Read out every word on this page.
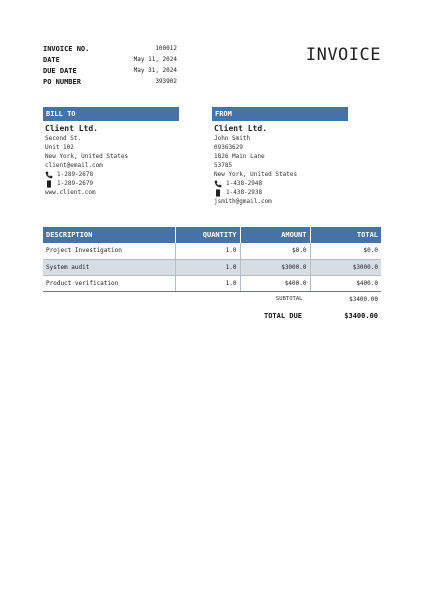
INVOICE NO.	100012
DATE	May 11, 2024
DUE DATE	May 31, 2024
PO NUMBER	393902
INVOICE
BILL TO
Client Ltd.
Second St.
Unit 102
New York, United States
client@email.com
1-289-2678
1-289-2679
www.client.com
FROM
Client Ltd.
John Smith
09363629
1826 Main Lane
53785
New York, United States
1-438-2948
1-438-2938
jsmith@gmail.com
DESCRIPTION	QUANTITY	AMOUNT	TOTAL
Project Investigation	1.0	$0.0	$0.0
System audit	1.0	$3000.0	$3000.0
Product verification	1.0	$400.0	$400.0
SUBTOTAL	$3400.00
TOTAL DUE	$3400.00
